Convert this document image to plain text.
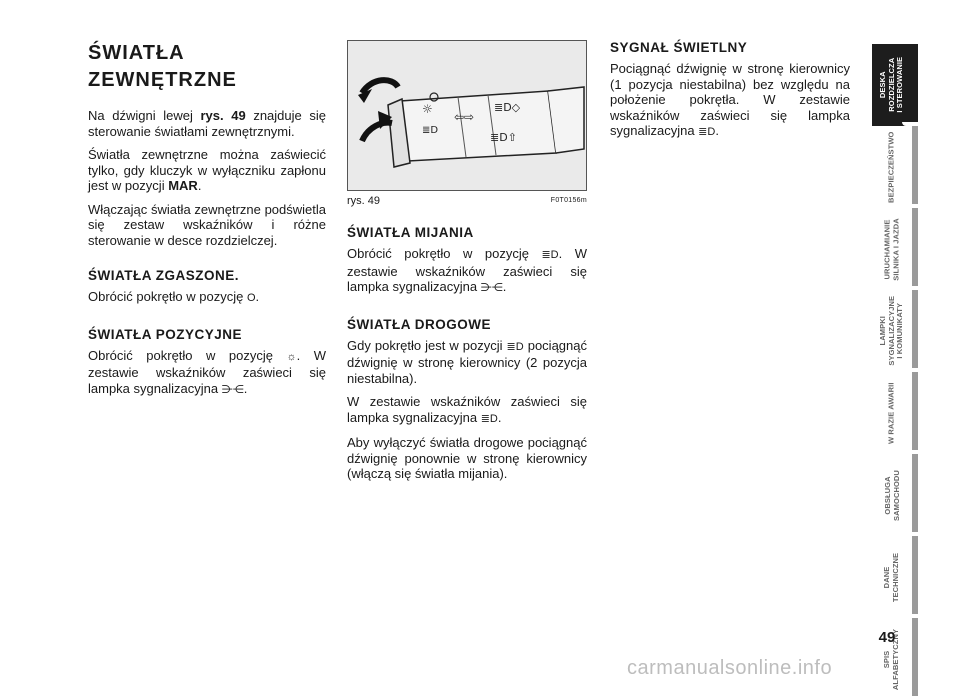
ŚWIATŁA
ZEWNĘTRZNE

Na dźwigni lewej rys. 49 znajduje się sterowanie światłami zewnętrznymi.

Światła zewnętrzne można zaświecić tylko, gdy kluczyk w wyłączniku zapłonu jest w pozycji MAR.

Włączając światła zewnętrzne podświetla się zestaw wskaźników i różne sterowanie w desce rozdzielczej.

ŚWIATŁA ZGASZONE.

Obrócić pokrętło w pozycję O.

ŚWIATŁA POZYCYJNE

Obrócić pokrętło w pozycję ☼. W zestawie wskaźników zaświeci się lampka sygnalizacyjna ⋺⋲.

☼
≣D
⇦⇨
≣D◇
≣D⇧
rys. 49	F0T0156m
ŚWIATŁA MIJANIA

Obrócić pokrętło w pozycję ≣D. W zestawie wskaźników zaświeci się lampka sygnalizacyjna ⋺⋲.

ŚWIATŁA DROGOWE

Gdy pokrętło jest w pozycji ≣D pociągnąć dźwignię w stronę kierownicy (2 pozycja niestabilna).

W zestawie wskaźników zaświeci się lampka sygnalizacyjna ≣D.

Aby wyłączyć światła drogowe pociągnąć dźwignię ponownie w stronę kierownicy (włączą się światła mijania).

SYGNAŁ ŚWIETLNY

Pociągnąć dźwignię w stronę kierownicy (1 pozycja niestabilna) bez względu na położenie pokrętła. W zestawie wskaźników zaświeci się lampka sygnalizacyjna ≣D.

DESKA
ROZDZIELCZA
I STEROWANIE
BEZPIECZEŃSTWO
URUCHAMIANIE
SILNIKA I JAZDA
LAMPKI
SYGNALIZACYJNE
I KOMUNIKATY
W RAZIE AWARII
OBSŁUGA
SAMOCHODU
DANE
TECHNICZNE
SPIS
ALFABETYCZNY
49
carmanualsonline.info
